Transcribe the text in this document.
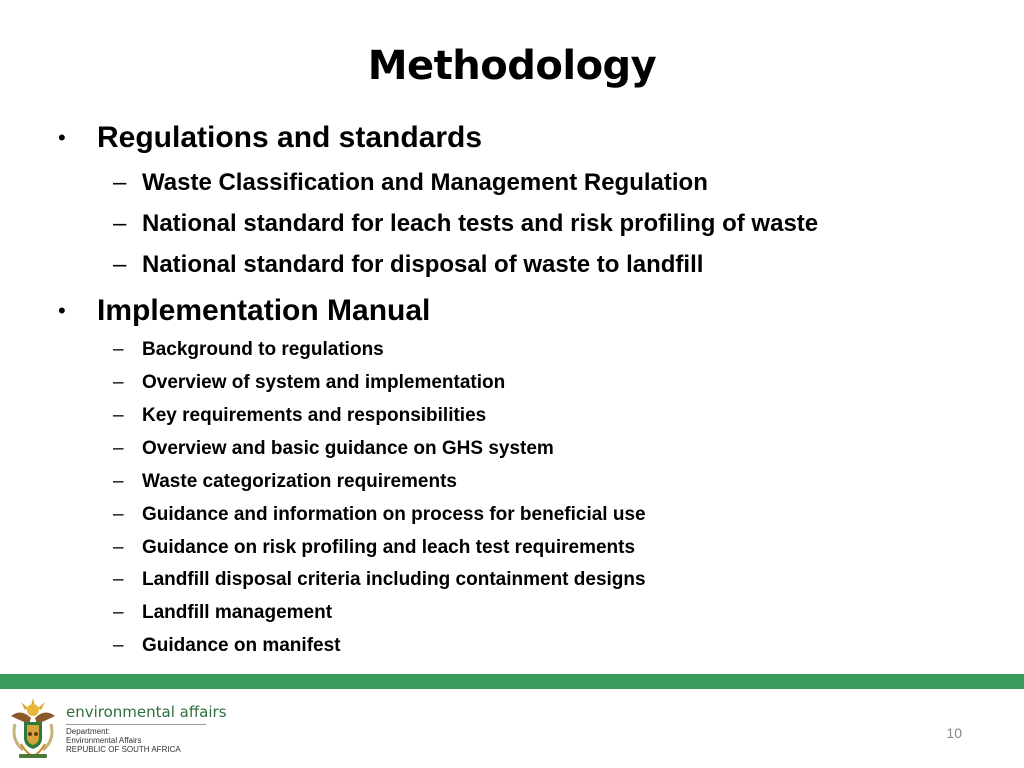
Methodology
• Regulations and standards
– Waste Classification and Management Regulation
– National standard for leach tests and risk profiling of waste
– National standard for disposal of waste to landfill
• Implementation Manual
– Background to regulations
– Overview of system and implementation
– Key requirements and responsibilities
– Overview and basic guidance on GHS system
– Waste categorization requirements
– Guidance and information on process for beneficial use
– Guidance on risk profiling and leach test requirements
– Landfill disposal criteria including containment designs
– Landfill management
– Guidance on manifest
environmental affairs
Department:
Environmental Affairs
REPUBLIC OF SOUTH AFRICA
10
